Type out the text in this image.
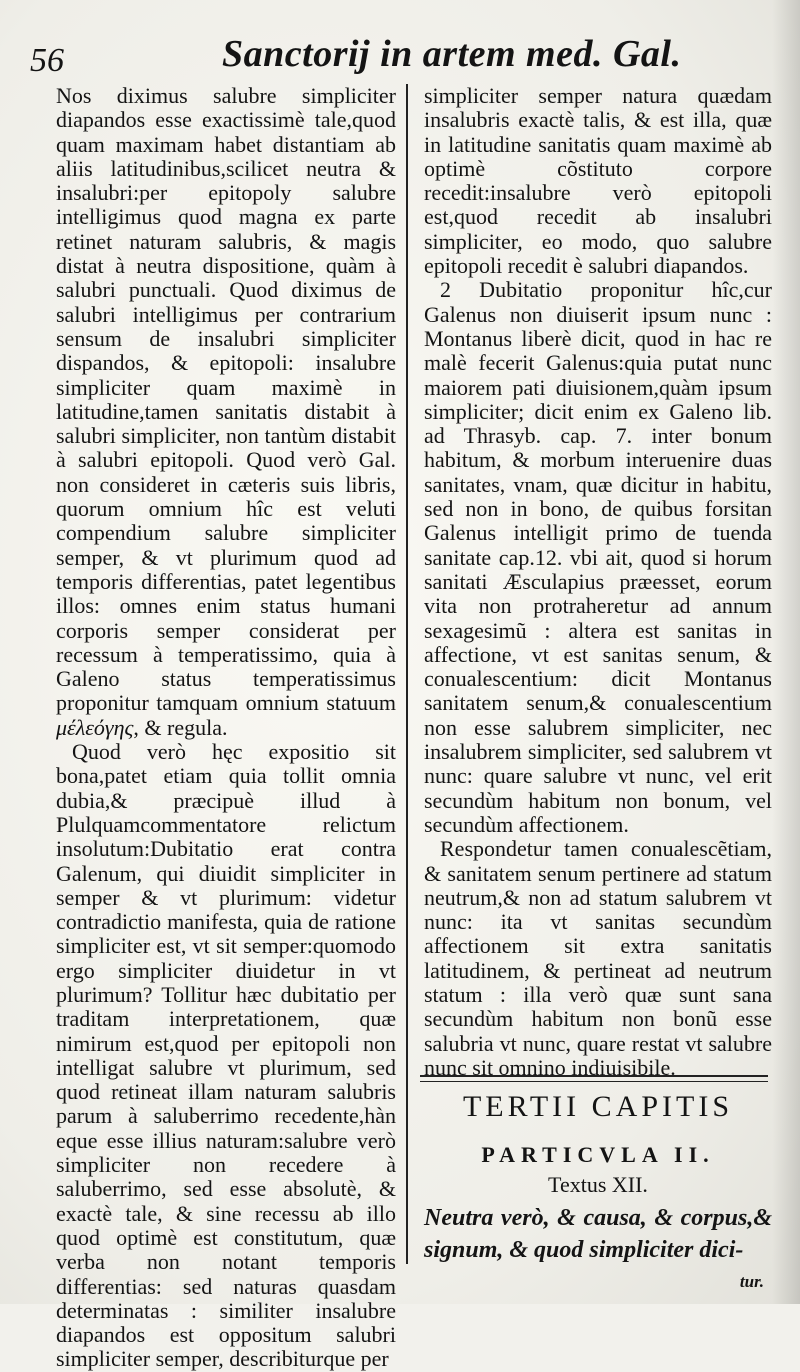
56	Sanctorij in artem med. Gal.

Nos diximus salubre simpliciter diapandos esse exactissimè tale,quod quam maximam habet distantiam ab aliis latitudinibus,scilicet neutra & insalubri:per epitopoly salubre intelligimus quod magna ex parte retinet naturam salubris, & magis distat à neutra dispositione, quàm à salubri punctuali. Quod diximus de salubri intelligimus per contrarium sensum de insalubri simpliciter dispandos, & epitopoli: insalubre simpliciter quam maximè in latitudine,tamen sanitatis distabit à salubri simpliciter, non tantùm distabit à salubri epitopoli. Quod verò Gal. non consideret in cæteris suis libris, quorum omnium hîc est veluti compendium salubre simpliciter semper, & vt plurimum quod ad temporis differentias, patet legentibus illos: omnes enim status humani corporis semper considerat per recessum à temperatissimo, quia à Galeno status temperatissimus proponitur tamquam omnium statuum μέλεόγης, & regula.

Quod verò hęc expositio sit bona,patet etiam quia tollit omnia dubia,& præcipuè illud à Plulquamcommentatore relictum insolutum:Dubitatio erat contra Galenum, qui diuidit simpliciter in semper & vt plurimum: videtur contradictio manifesta, quia de ratione simpliciter est, vt sit semper:quomodo ergo simpliciter diuidetur in vt plurimum? Tollitur hæc dubitatio per traditam interpretationem, quæ nimirum est,quod per epitopoli non intelligat salubre vt plurimum, sed quod retineat illam naturam salubris parum à saluberrimo recedente,hàn eque esse illius naturam:salubre verò simpliciter non recedere à saluberrimo, sed esse absolutè, & exactè tale, & sine recessu ab illo quod optimè est constitutum, quæ verba non notant temporis differentias: sed naturas quasdam determinatas : similiter insalubre diapandos est oppositum salubri simpliciter semper, describiturque per

simpliciter semper natura quædam insalubris exactè talis, & est illa, quæ in latitudine sanitatis quam maximè ab optimè cõstituto corpore recedit:insalubre verò epitopoli est,quod recedit ab insalubri simpliciter, eo modo, quo salubre epitopoli recedit è salubri diapandos.

2 Dubitatio proponitur hîc,cur Galenus non diuiserit ipsum nunc : Montanus liberè dicit, quod in hac re malè fecerit Galenus:quia putat nunc maiorem pati diuisionem,quàm ipsum simpliciter; dicit enim ex Galeno lib. ad Thrasyb. cap. 7. inter bonum habitum, & morbum interuenire duas sanitates, vnam, quæ dicitur in habitu, sed non in bono, de quibus forsitan Galenus intelligit primo de tuenda sanitate cap.12. vbi ait, quod si horum sanitati Æsculapius præesset, eorum vita non protraheretur ad annum sexagesimũ : altera est sanitas in affectione, vt est sanitas senum, & conualescentium: dicit Montanus sanitatem senum,& conualescentium non esse salubrem simpliciter, nec insalubrem simpliciter, sed salubrem vt nunc: quare salubre vt nunc, vel erit secundùm habitum non bonum, vel secundùm affectionem.

Respondetur tamen conualescẽtiam, & sanitatem senum pertinere ad statum neutrum,& non ad statum salubrem vt nunc: ita vt sanitas secundùm affectionem sit extra sanitatis latitudinem, & pertineat ad neutrum statum : illa verò quæ sunt sana secundùm habitum non bonũ esse salubria vt nunc, quare restat vt salubre nunc sit omnino indiuisibile.

TERTII CAPITIS
PARTICVLA II.
Textus XII.
Neutra verò, & causa, & corpus,& signum, & quod simpliciter dici-
tur.
